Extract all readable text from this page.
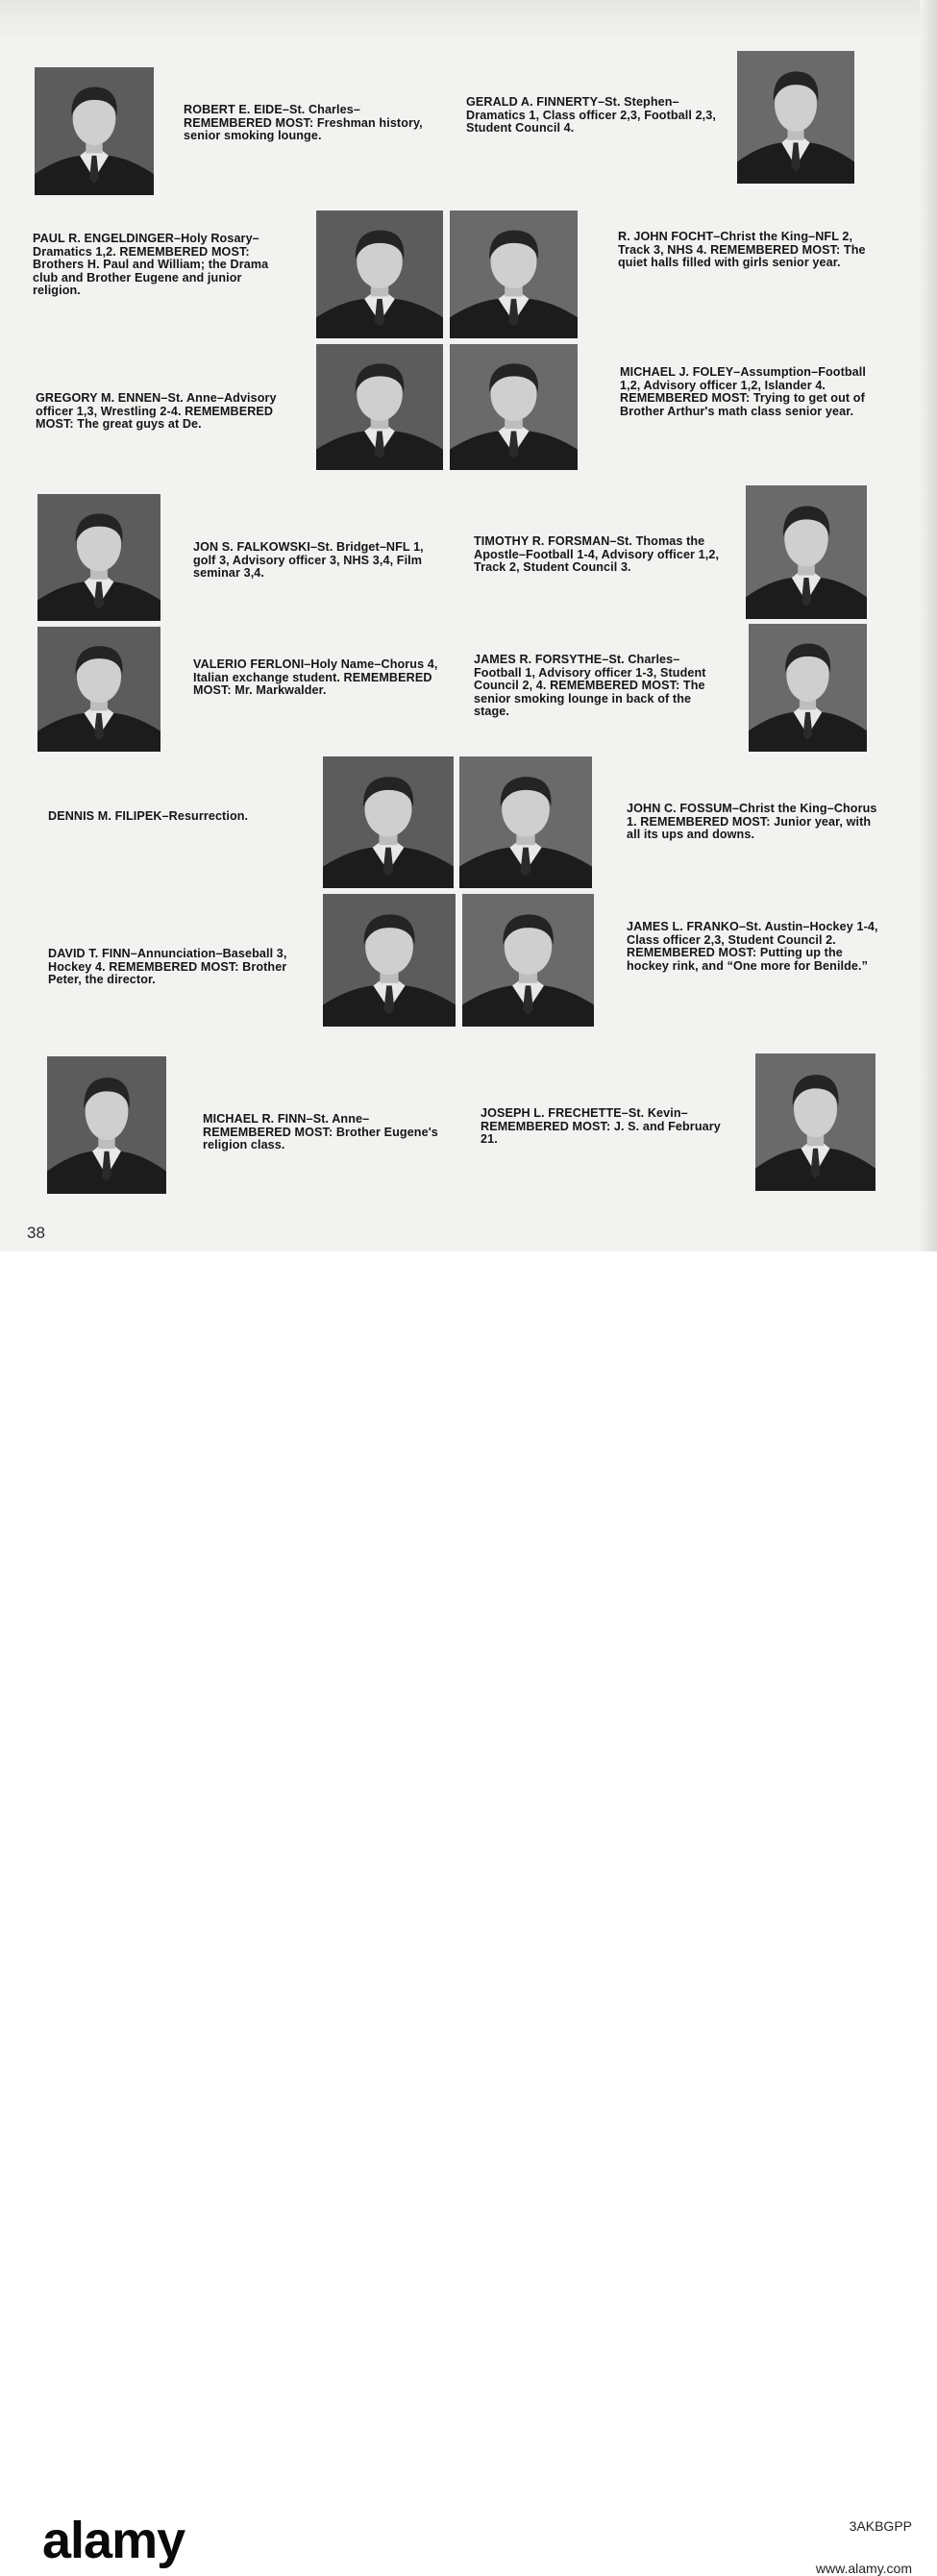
ROBERT E. EIDE–St. Charles– REMEMBERED MOST: Freshman history, senior smoking lounge.

GERALD A. FINNERTY–St. Stephen–Dramatics 1, Class officer 2,3, Football 2,3, Student Council 4.

PAUL R. ENGELDINGER–Holy Rosary–Dramatics 1,2. REMEMBERED MOST: Brothers H. Paul and William; the Drama club and Brother Eugene and junior religion.

R. JOHN FOCHT–Christ the King–NFL 2, Track 3, NHS 4. REMEMBERED MOST: The quiet halls filled with girls senior year.

GREGORY M. ENNEN–St. Anne–Advisory officer 1,3, Wrestling 2-4. REMEMBERED MOST: The great guys at De.

MICHAEL J. FOLEY–Assumption–Football 1,2, Advisory officer 1,2, Islander 4. REMEMBERED MOST: Trying to get out of Brother Arthur's math class senior year.

JON S. FALKOWSKI–St. Bridget–NFL 1, golf 3, Advisory officer 3, NHS 3,4, Film seminar 3,4.

TIMOTHY R. FORSMAN–St. Thomas the Apostle–Football 1-4, Advisory officer 1,2, Track 2, Student Council 3.

VALERIO FERLONI–Holy Name–Chorus 4, Italian exchange student. REMEMBERED MOST: Mr. Markwalder.

JAMES R. FORSYTHE–St. Charles–Football 1, Advisory officer 1-3, Student Council 2, 4. REMEMBERED MOST: The senior smoking lounge in back of the stage.

DENNIS M. FILIPEK–Resurrection.

JOHN C. FOSSUM–Christ the King–Chorus 1. REMEMBERED MOST: Junior year, with all its ups and downs.

DAVID T. FINN–Annunciation–Baseball 3, Hockey 4. REMEMBERED MOST: Brother Peter, the director.

JAMES L. FRANKO–St. Austin–Hockey 1-4, Class officer 2,3, Student Council 2. REMEMBERED MOST: Putting up the hockey rink, and “One more for Benilde.”

MICHAEL R. FINN–St. Anne– REMEMBERED MOST: Brother Eugene's religion class.

JOSEPH L. FRECHETTE–St. Kevin–REMEMBERED MOST: J. S. and February 21.

38

alamy	3AKBGPP

www.alamy.com
